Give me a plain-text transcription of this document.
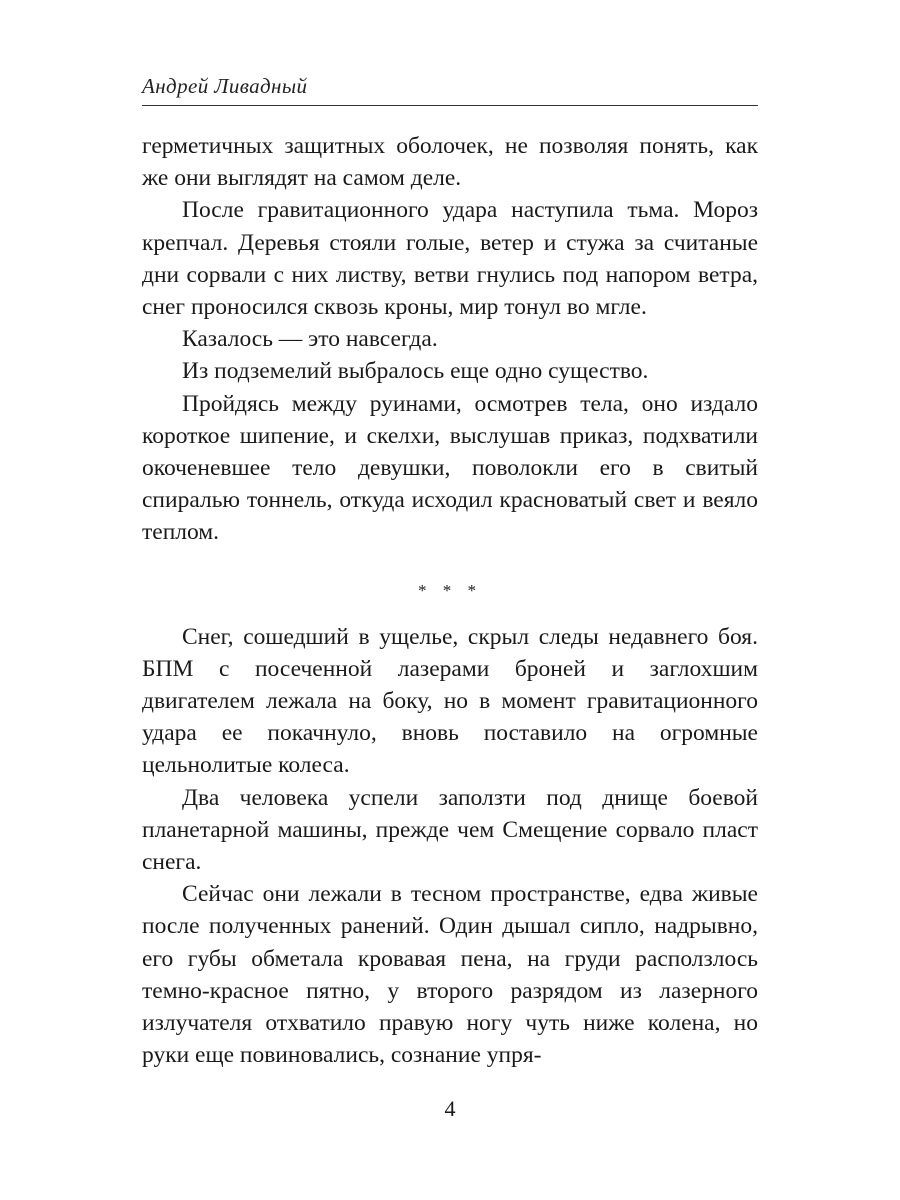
Андрей Ливадный

герметичных защитных оболочек, не позволяя понять, как же они выглядят на самом деле.

После гравитационного удара наступила тьма. Мороз крепчал. Деревья стояли голые, ветер и стужа за считаные дни сорвали с них листву, ветви гнулись под напором ветра, снег проносился сквозь кроны, мир тонул во мгле.

Казалось — это навсегда.

Из подземелий выбралось еще одно существо.

Пройдясь между руинами, осмотрев тела, оно издало короткое шипение, и скелхи, выслушав приказ, подхватили окоченевшее тело девушки, поволокли его в свитый спиралью тоннель, откуда исходил красноватый свет и веяло теплом.

* * *

Снег, сошедший в ущелье, скрыл следы недавнего боя. БПМ с посеченной лазерами броней и заглохшим двигателем лежала на боку, но в момент гравитационного удара ее покачнуло, вновь поставило на огромные цельнолитые колеса.

Два человека успели заползти под днище боевой планетарной машины, прежде чем Смещение сорвало пласт снега.

Сейчас они лежали в тесном пространстве, едва живые после полученных ранений. Один дышал сипло, надрывно, его губы обметала кровавая пена, на груди расползлось темно-красное пятно, у второго разрядом из лазерного излучателя отхватило правую ногу чуть ниже колена, но руки еще повиновались, сознание упря-

4
